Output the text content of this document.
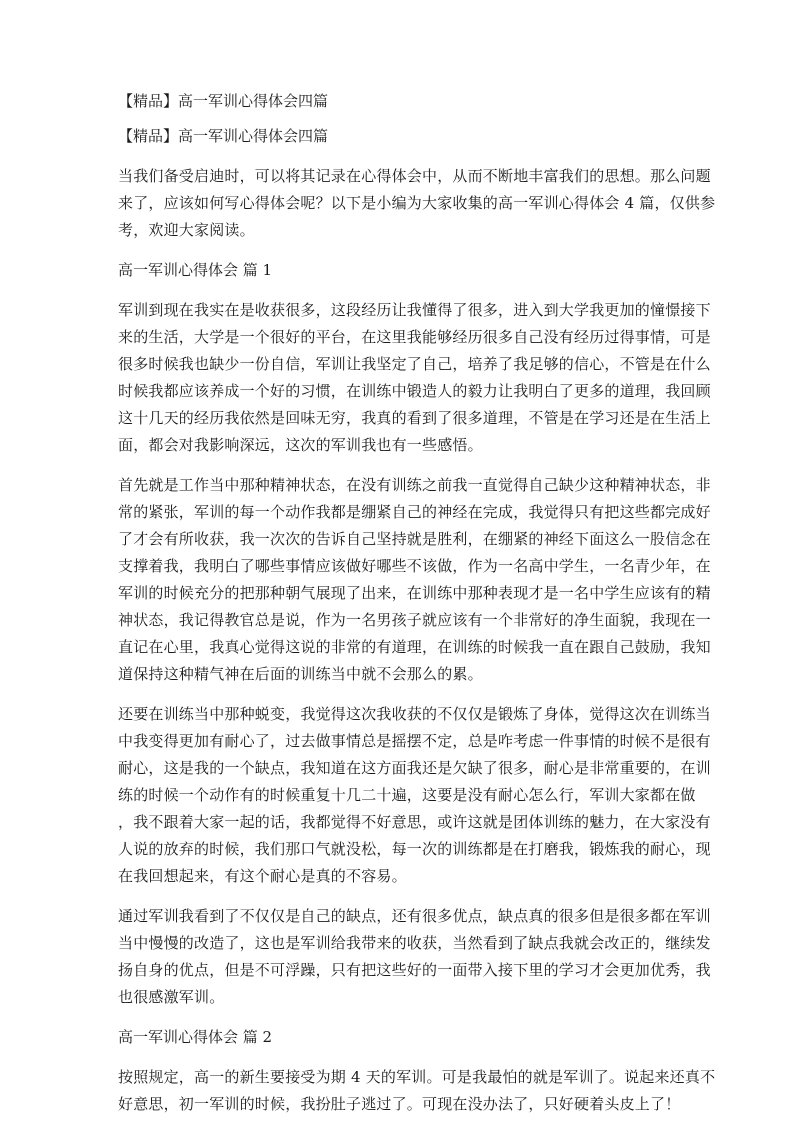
【精品】高一军训心得体会四篇
【精品】高一军训心得体会四篇
当我们备受启迪时，可以将其记录在心得体会中，从而不断地丰富我们的思想。那么问题
来了，应该如何写心得体会呢？以下是小编为大家收集的高一军训心得体会 4 篇，仅供参
考，欢迎大家阅读。
高一军训心得体会 篇 1
军训到现在我实在是收获很多，这段经历让我懂得了很多，进入到大学我更加的憧憬接下
来的生活，大学是一个很好的平台，在这里我能够经历很多自己没有经历过得事情，可是
很多时候我也缺少一份自信，军训让我坚定了自己，培养了我足够的信心，不管是在什么
时候我都应该养成一个好的习惯，在训练中锻造人的毅力让我明白了更多的道理，我回顾
这十几天的经历我依然是回味无穷，我真的看到了很多道理，不管是在学习还是在生活上
面，都会对我影响深远，这次的军训我也有一些感悟。
首先就是工作当中那种精神状态，在没有训练之前我一直觉得自己缺少这种精神状态，非
常的紧张，军训的每一个动作我都是绷紧自己的神经在完成，我觉得只有把这些都完成好
了才会有所收获，我一次次的告诉自己坚持就是胜利，在绷紧的神经下面这么一股信念在
支撑着我，我明白了哪些事情应该做好哪些不该做，作为一名高中学生，一名青少年，在
军训的时候充分的把那种朝气展现了出来，在训练中那种表现才是一名中学生应该有的精
神状态，我记得教官总是说，作为一名男孩子就应该有一个非常好的净生面貌，我现在一
直记在心里，我真心觉得这说的非常的有道理，在训练的时候我一直在跟自己鼓励，我知
道保持这种精气神在后面的训练当中就不会那么的累。
还要在训练当中那种蜕变，我觉得这次我收获的不仅仅是锻炼了身体，觉得这次在训练当
中我变得更加有耐心了，过去做事情总是摇摆不定，总是咋考虑一件事情的时候不是很有
耐心，这是我的一个缺点，我知道在这方面我还是欠缺了很多，耐心是非常重要的，在训
练的时候一个动作有的时候重复十几二十遍，这要是没有耐心怎么行，军训大家都在做
，我不跟着大家一起的话，我都觉得不好意思，或许这就是团体训练的魅力，在大家没有
人说的放弃的时候，我们那口气就没松，每一次的训练都是在打磨我，锻炼我的耐心，现
在我回想起来，有这个耐心是真的不容易。
通过军训我看到了不仅仅是自己的缺点，还有很多优点，缺点真的很多但是很多都在军训
当中慢慢的改造了，这也是军训给我带来的收获，当然看到了缺点我就会改正的，继续发
扬自身的优点，但是不可浮躁，只有把这些好的一面带入接下里的学习才会更加优秀，我
也很感激军训。
高一军训心得体会 篇 2
按照规定，高一的新生要接受为期 4 天的军训。可是我最怕的就是军训了。说起来还真不
好意思，初一军训的时候，我扮肚子逃过了。可现在没办法了，只好硬着头皮上了！
